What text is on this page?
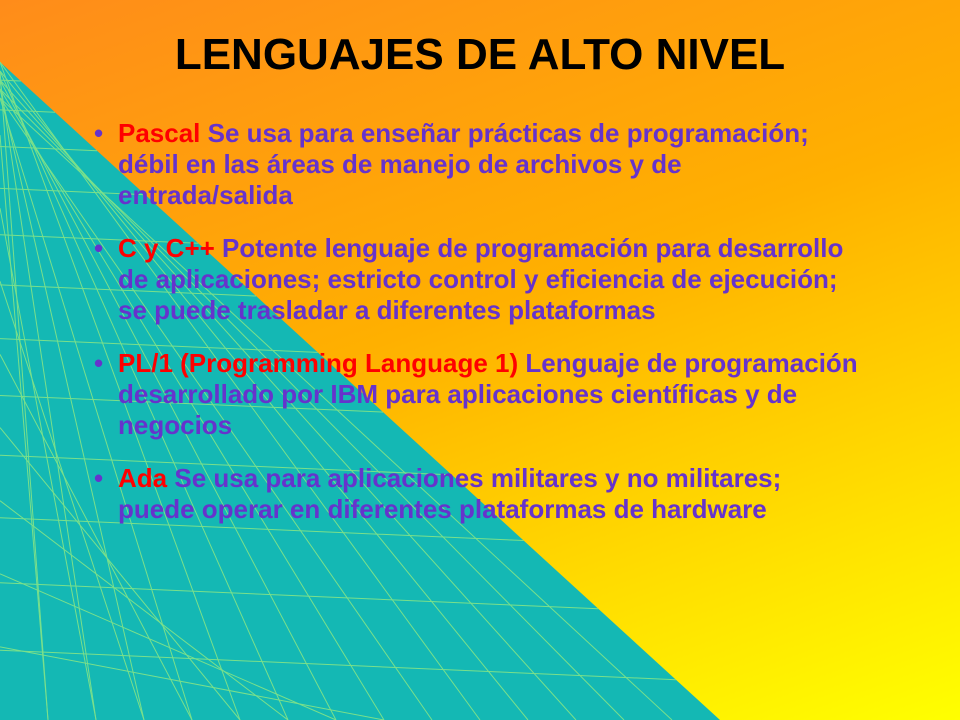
LENGUAJES DE ALTO NIVEL
• Pascal Se usa para enseñar prácticas de programación; débil en las áreas de manejo de archivos y de entrada/salida
• C y C++ Potente lenguaje de programación para desarrollo de aplicaciones; estricto control y eficiencia de ejecución; se puede trasladar a diferentes plataformas
• PL/1 (Programming Language 1) Lenguaje de programación desarrollado por IBM para aplicaciones científicas y de negocios
• Ada Se usa para aplicaciones militares y no militares; puede operar en diferentes plataformas de hardware
